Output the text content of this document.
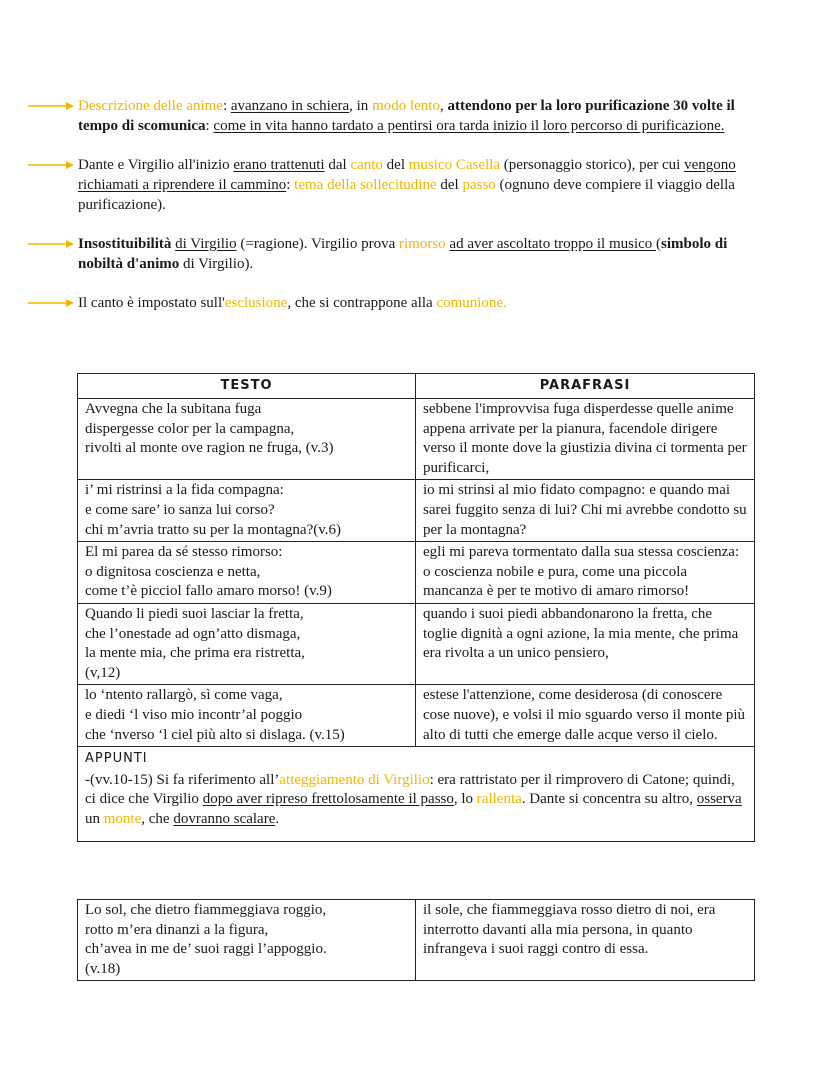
Descrizione delle anime: avanzano in schiera, in modo lento, attendono per la loro purificazione 30 volte il tempo di scomunica: come in vita hanno tardato a pentirsi ora tarda inizio il loro percorso di purificazione.
Dante e Virgilio all'inizio erano trattenuti dal canto del musico Casella (personaggio storico), per cui vengono richiamati a riprendere il cammino: tema della sollecitudine del passo (ognuno deve compiere il viaggio della purificazione).
Insostituibilità di Virgilio (=ragione). Virgilio prova rimorso ad aver ascoltato troppo il musico (simbolo di nobiltà d'animo di Virgilio).
Il canto è impostato sull'esclusione, che si contrappone alla comunione.
TESTO	PARAFRASI

Avvegna che la subitana fuga
dispergesse color per la campagna,
rivolti al monte ove ragion ne fruga, (v.3)	sebbene l'improvvisa fuga disperdesse quelle anime appena arrivate per la pianura, facendole dirigere verso il monte dove la giustizia divina ci tormenta per purificarci,

i’ mi ristrinsi a la fida compagna:
e come sare’ io sanza lui corso?
chi m’avria tratto su per la montagna?(v.6)	io mi strinsi al mio fidato compagno: e quando mai sarei fuggito senza di lui? Chi mi avrebbe condotto su per la montagna?

El mi parea da sé stesso rimorso:
o dignitosa coscienza e netta,
come t’è picciol fallo amaro morso! (v.9)	egli mi pareva tormentato dalla sua stessa coscienza: o coscienza nobile e pura, come una piccola mancanza è per te motivo di amaro rimorso!

Quando li piedi suoi lasciar la fretta,
che l’onestade ad ogn’atto dismaga,
la mente mia, che prima era ristretta,
(v,12)	quando i suoi piedi abbandonarono la fretta, che toglie dignità a ogni azione, la mia mente, che prima era rivolta a un unico pensiero,

lo ‘ntento rallargò, sì come vaga,
e diedi ‘l viso mio incontr’al poggio
che ‘nverso ‘l ciel più alto si dislaga. (v.15)	estese l'attenzione, come desiderosa (di conoscere cose nuove), e volsi il mio sguardo verso il monte più alto di tutti che emerge dalle acque verso il cielo.
APPUNTI	
-(vv.10-15) Si fa riferimento all’atteggiamento di Virgilio: era rattristato per il rimprovero di Catone; quindi, ci dice che Virgilio dopo aver ripreso frettolosamente il passo, lo rallenta. Dante si concentra su altro, osserva un monte, che dovranno scalare.	
Lo sol, che dietro fiammeggiava roggio,
rotto m’era dinanzi a la figura,
ch’avea in me de’ suoi raggi l’appoggio.
(v.18)
	il sole, che fiammeggiava rosso dietro di noi, era interrotto davanti alla mia persona, in quanto infrangeva i suoi raggi contro di essa.
